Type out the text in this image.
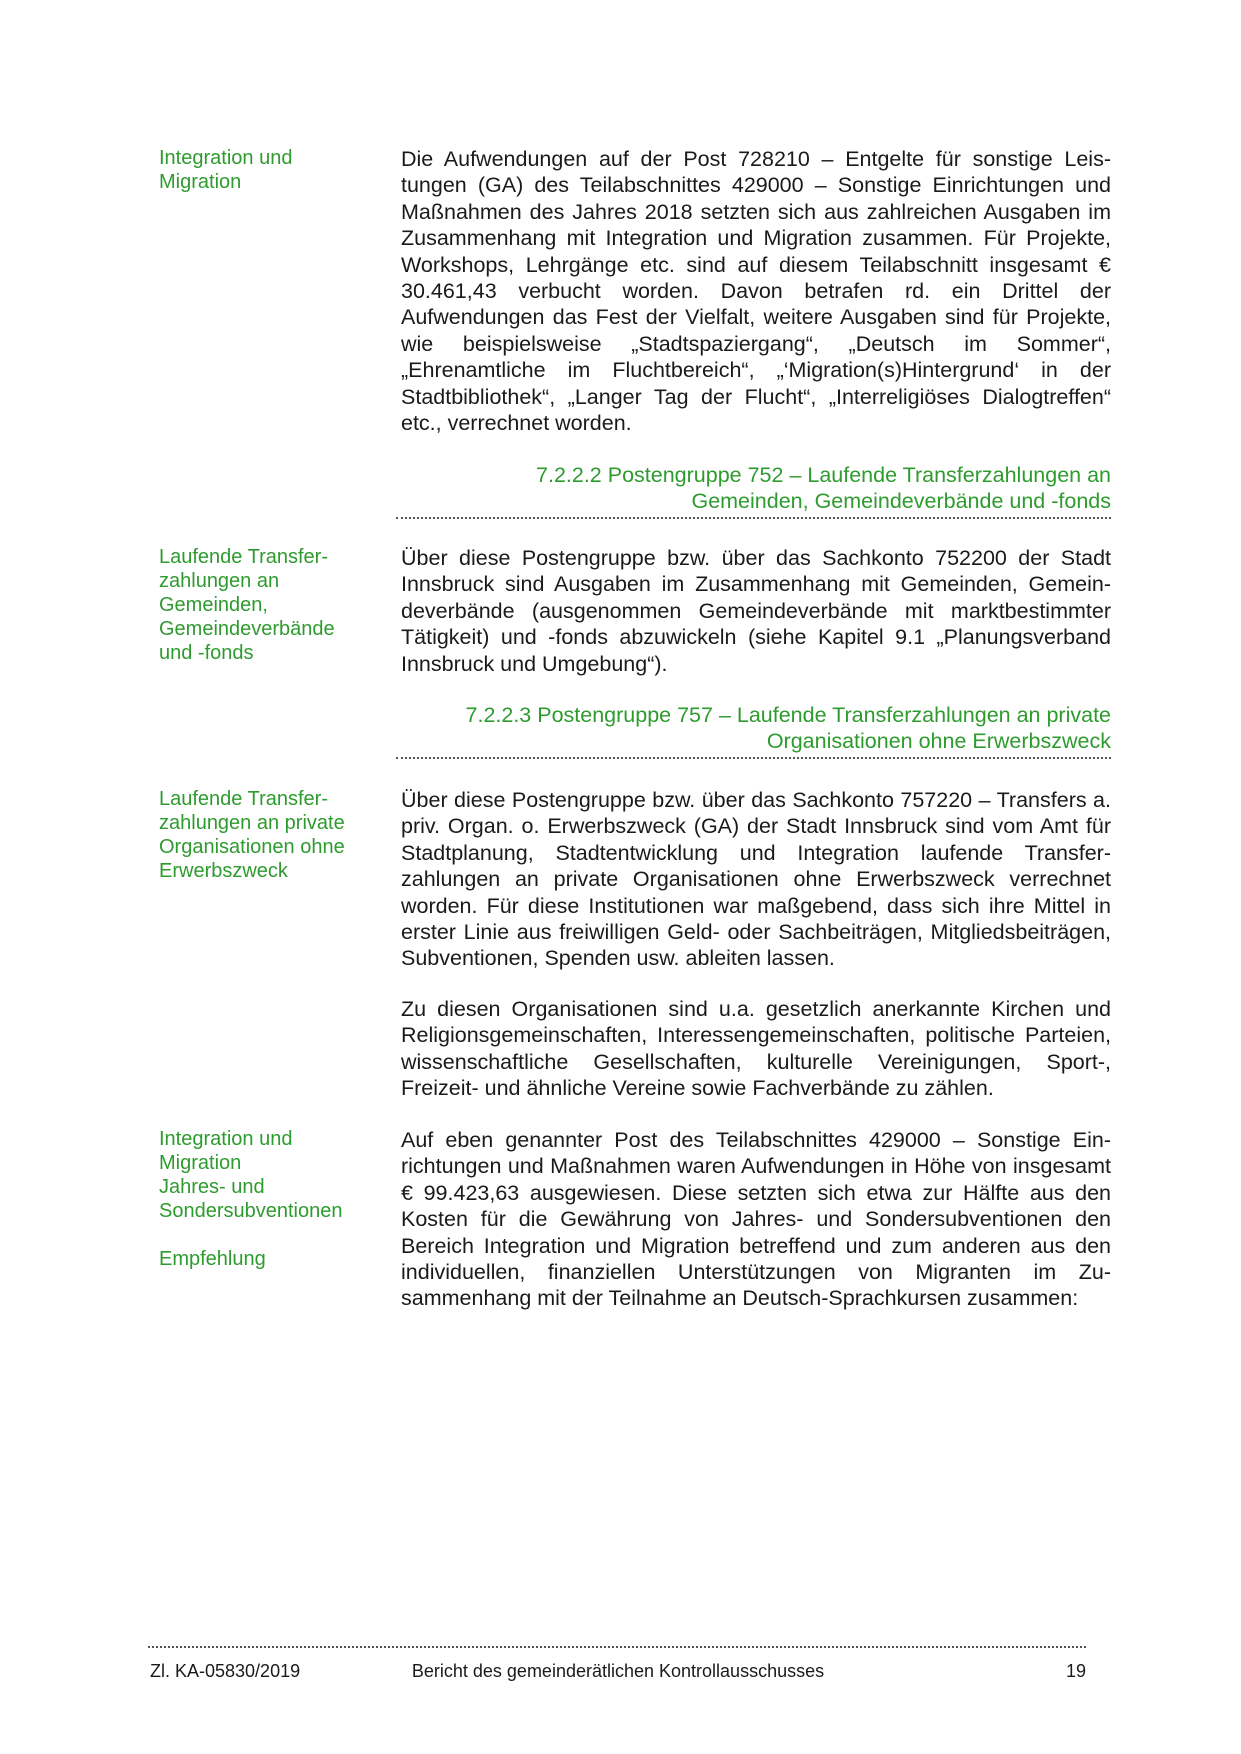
Integration und

Migration

Die Aufwendungen auf der Post 728210 – Entgelte für sonstige Leistungen (GA) des Teilabschnittes 429000 – Sonstige Einrichtungen und Maßnahmen des Jahres 2018 setzten sich aus zahlreichen Ausgaben im Zusammenhang mit Integration und Migration zusammen. Für Projekte, Workshops, Lehrgänge etc. sind auf diesem Teilabschnitt insgesamt € 30.461,43 verbucht worden. Davon betrafen rd. ein Drittel der Aufwendungen das Fest der Vielfalt, weitere Ausgaben sind für Projekte, wie beispielsweise „Stadtspaziergang“, „Deutsch im Sommer“, „Ehrenamtliche im Fluchtbereich“, „‘Migration(s)Hintergrund‘ in der Stadtbibliothek“, „Langer Tag der Flucht“, „Interreligiöses Dialogtreffen“ etc., verrechnet worden.

7.2.2.2 Postengruppe 752 – Laufende Transferzahlungen an
Gemeinden, Gemeindeverbände und -fonds

Laufende Transfer-

zahlungen an

Gemeinden,

Gemeindeverbände

und -fonds

Über diese Postengruppe bzw. über das Sachkonto 752200 der Stadt Innsbruck sind Ausgaben im Zusammenhang mit Gemeinden, Gemeindeverbände (ausgenommen Gemeindeverbände mit marktbestimmter Tätigkeit) und -fonds abzuwickeln (siehe Kapitel 9.1 „Planungsverband Innsbruck und Umgebung“).

7.2.2.3 Postengruppe 757 – Laufende Transferzahlungen an private
Organisationen ohne Erwerbszweck

Laufende Transfer-

zahlungen an private

Organisationen ohne

Erwerbszweck

Über diese Postengruppe bzw. über das Sachkonto 757220 – Transfers a. priv. Organ. o. Erwerbszweck (GA) der Stadt Innsbruck sind vom Amt für Stadtplanung, Stadtentwicklung und Integration laufende Transferzahlungen an private Organisationen ohne Erwerbszweck verrechnet worden. Für diese Institutionen war maßgebend, dass sich ihre Mittel in erster Linie aus freiwilligen Geld- oder Sachbeiträgen, Mitgliedsbeiträgen, Subventionen, Spenden usw. ableiten lassen.

Zu diesen Organisationen sind u.a. gesetzlich anerkannte Kirchen und Religionsgemeinschaften, Interessengemeinschaften, politische Parteien, wissenschaftliche Gesellschaften, kulturelle Vereinigungen, Sport-, Freizeit- und ähnliche Vereine sowie Fachverbände zu zählen.

Integration und

Migration

Jahres- und

Sondersubventionen

Empfehlung

Auf eben genannter Post des Teilabschnittes 429000 – Sonstige Einrichtungen und Maßnahmen waren Aufwendungen in Höhe von insgesamt € 99.423,63 ausgewiesen. Diese setzten sich etwa zur Hälfte aus den Kosten für die Gewährung von Jahres- und Sondersubventionen den Bereich Integration und Migration betreffend und zum anderen aus den individuellen, finanziellen Unterstützungen von Migranten im Zusammenhang mit der Teilnahme an Deutsch-Sprachkursen zusammen:

Zl. KA-05830/2019	Bericht des gemeinderätlichen Kontrollausschusses	19
